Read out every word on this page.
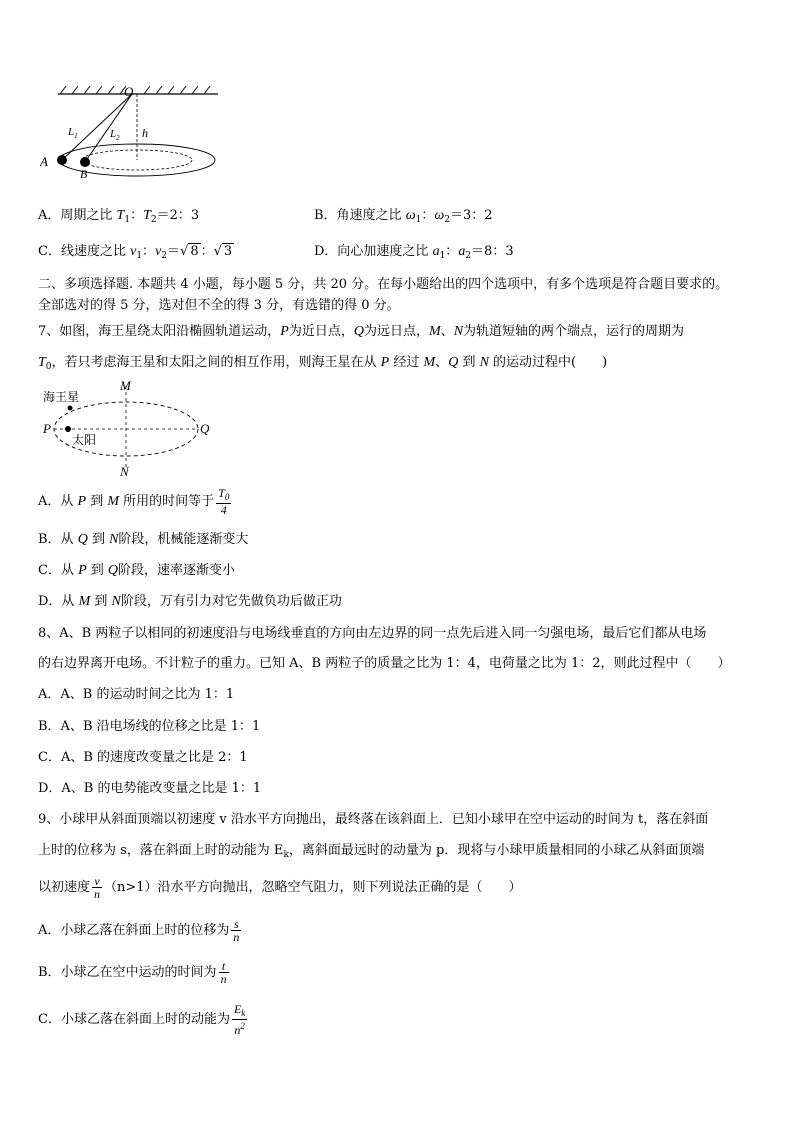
O
$L_1$	$L_2$ h
A
B
A．周期之比 $T_1$：$T_2=2$：3	B．角速度之比 $\omega_1$：$\omega_2=3$：2
C．线速度之比 $v_1$：$v_2=√$ 8 ：√ 3	D．向心加速度之比 $a_1$：$a_2=8$：3
二、多项选择题. 本题共 4 小题，每小题 5 分，共 20 分。在每小题给出的四个选项中，有多个选项是符合题目要求的。
全部选对的得 5 分，选对但不全的得 3 分，有选错的得 0 分。
7、如图，海王星绕太阳沿椭圆轨道运动，P为近日点，Q为远日点，M、N为轨道短轴的两个端点，运行的周期为
$T_0$，若只考虑海王星和太阳之间的相互作用，则海王星在从 P 经过 M、Q 到 N 的运动过程中(　　)
海王星
太阳
P	Q
M
N
A．从 P 到 M 所用的时间等于 $\frac{T_0}{4}$
B．从 Q 到 N阶段，机械能逐渐变大
C．从 P 到 Q阶段，速率逐渐变小
D．从 M 到 N阶段，万有引力对它先做负功后做正功
8、A、B 两粒子以相同的初速度沿与电场线垂直的方向由左边界的同一点先后进入同一匀强电场，最后它们都从电场
的右边界离开电场。不计粒子的重力。已知 A、B 两粒子的质量之比为 1：4，电荷量之比为 1：2，则此过程中（　　）
A．A、B 的运动时间之比为 1：1
B．A、B 沿电场线的位移之比是 1：1
C．A、B 的速度改变量之比是 2：1
D．A、B 的电势能改变量之比是 1：1
9、小球甲从斜面顶端以初速度 v 沿水平方向抛出，最终落在该斜面上．已知小球甲在空中运动的时间为 t，落在斜面
上时的位移为 s，落在斜面上时的动能为 $E_k$，离斜面最远时的动量为 p．现将与小球甲质量相同的小球乙从斜面顶端
以初速度 $\frac{v}{n} (n>1)$沿水平方向抛出，忽略空气阻力，则下列说法正确的是（　　）
A．小球乙落在斜面上时的位移为 $\frac{s}{n}$
B．小球乙在空中运动的时间为 $\frac{t}{n}$
C．小球乙落在斜面上时的动能为 $\frac{E_k}{n^2}$
